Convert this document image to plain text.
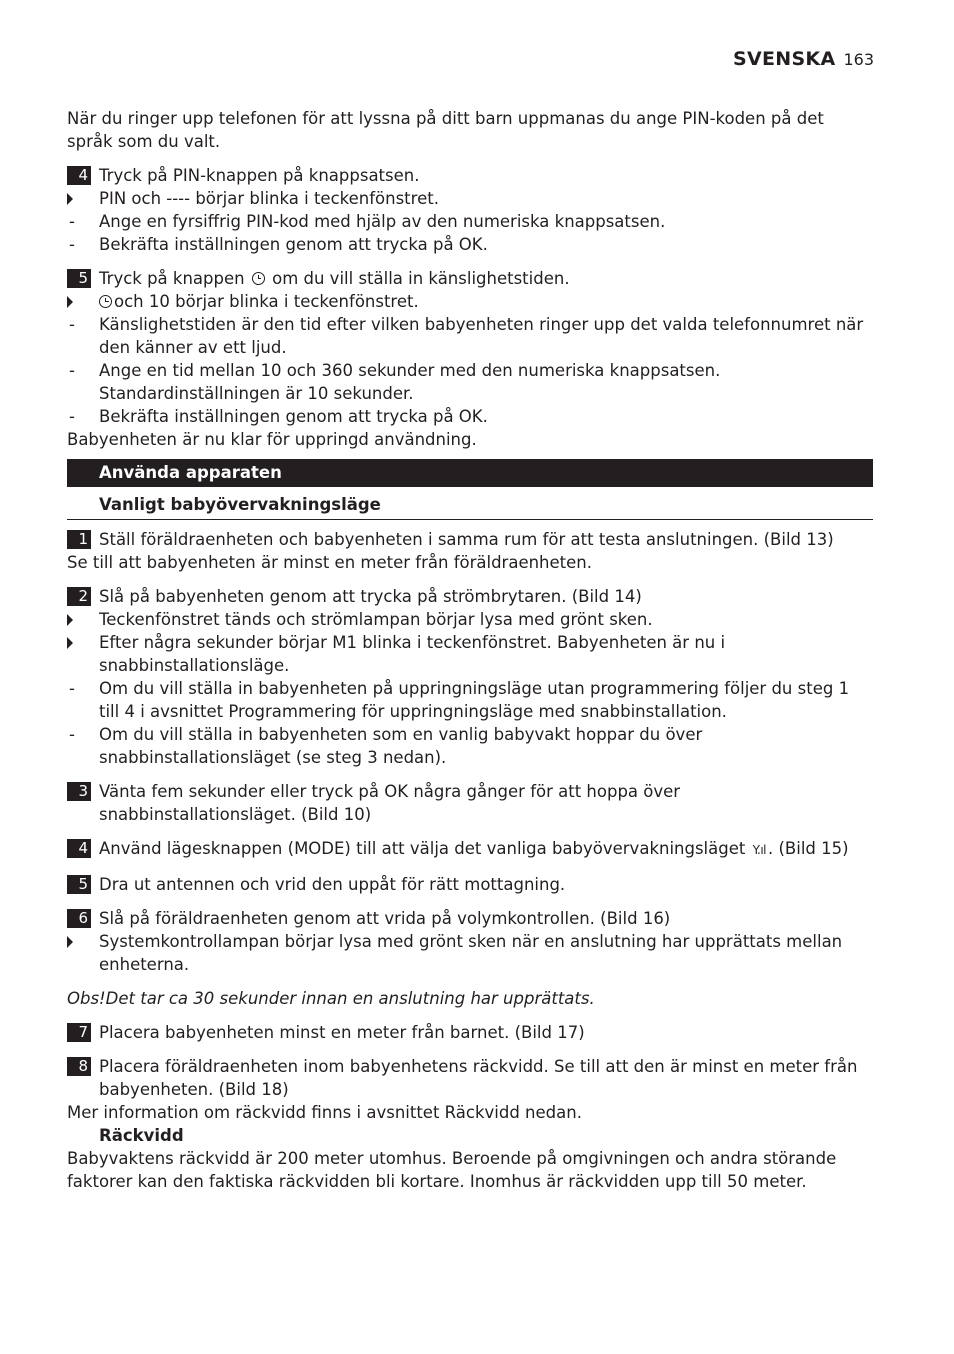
SVENSKA 163
När du ringer upp telefonen för att lyssna på ditt barn uppmanas du ange PIN-koden på det språk som du valt.
4 Tryck på PIN-knappen på knappsatsen.
PIN och ---- börjar blinka i teckenfönstret.
- Ange en fyrsiffrig PIN-kod med hjälp av den numeriska knappsatsen.
- Bekräfta inställningen genom att trycka på OK.
5 Tryck på knappen om du vill ställa in känslighetstiden.
och 10 börjar blinka i teckenfönstret.
- Känslighetstiden är den tid efter vilken babyenheten ringer upp det valda telefonnumret när den känner av ett ljud.
- Ange en tid mellan 10 och 360 sekunder med den numeriska knappsatsen. Standardinställningen är 10 sekunder.
- Bekräfta inställningen genom att trycka på OK.
Babyenheten är nu klar för uppringd användning.
Använda apparaten
Vanligt babyövervakningsläge
1 Ställ föräldraenheten och babyenheten i samma rum för att testa anslutningen. (Bild 13)
Se till att babyenheten är minst en meter från föräldraenheten.
2 Slå på babyenheten genom att trycka på strömbrytaren. (Bild 14)
Teckenfönstret tänds och strömlampan börjar lysa med grönt sken.
Efter några sekunder börjar M1 blinka i teckenfönstret. Babyenheten är nu i snabbinstallationsläge.
- Om du vill ställa in babyenheten på uppringningsläge utan programmering följer du steg 1 till 4 i avsnittet Programmering för uppringningsläge med snabbinstallation.
- Om du vill ställa in babyenheten som en vanlig babyvakt hoppar du över snabbinstallationsläget (se steg 3 nedan).
3 Vänta fem sekunder eller tryck på OK några gånger för att hoppa över snabbinstallationsläget. (Bild 10)
4 Använd lägesknappen (MODE) till att välja det vanliga babyövervakningsläget Y.ıl . (Bild 15)
5 Dra ut antennen och vrid den uppåt för rätt mottagning.
6 Slå på föräldraenheten genom att vrida på volymkontrollen. (Bild 16)
Systemkontrollampan börjar lysa med grönt sken när en anslutning har upprättats mellan enheterna.
Obs!Det tar ca 30 sekunder innan en anslutning har upprättats.
7 Placera babyenheten minst en meter från barnet. (Bild 17)
8 Placera föräldraenheten inom babyenhetens räckvidd. Se till att den är minst en meter från babyenheten. (Bild 18)
Mer information om räckvidd finns i avsnittet Räckvidd nedan.
Räckvidd
Babyvaktens räckvidd är 200 meter utomhus. Beroende på omgivningen och andra störande faktorer kan den faktiska räckvidden bli kortare. Inomhus är räckvidden upp till 50 meter.
